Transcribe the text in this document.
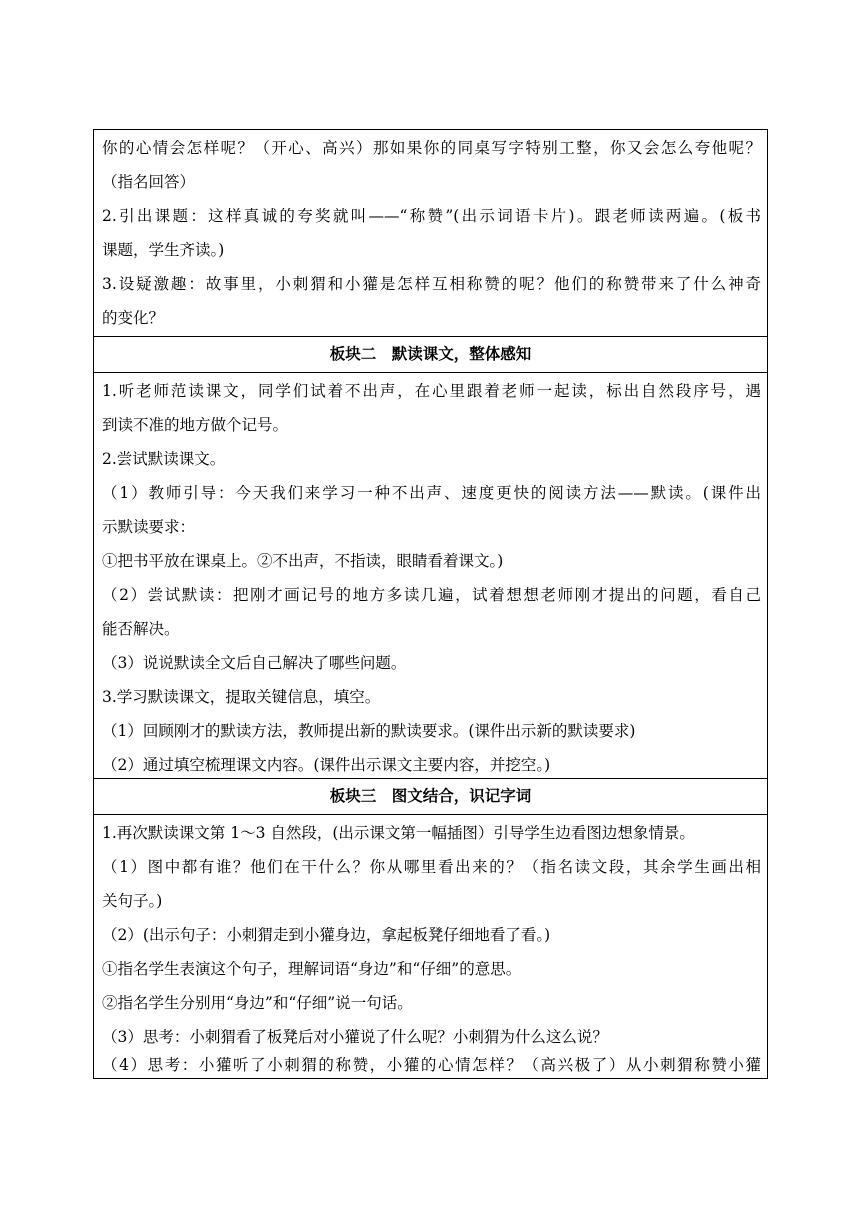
你的心情会怎样呢？（开心、高兴）那如果你的同桌写字特别工整，你又会怎么夸他呢？
（指名回答）
2.引出课题：这样真诚的夸奖就叫——“称赞”(出示词语卡片)。跟老师读两遍。(板书
课题，学生齐读。)
3.设疑激趣：故事里，小刺猬和小獾是怎样互相称赞的呢？他们的称赞带来了什么神奇
的变化？
板块二　默读课文，整体感知
1.听老师范读课文，同学们试着不出声，在心里跟着老师一起读，标出自然段序号，遇
到读不准的地方做个记号。
2.尝试默读课文。
（1）教师引导：今天我们来学习一种不出声、速度更快的阅读方法——默读。(课件出
示默读要求：
①把书平放在课桌上。②不出声，不指读，眼睛看着课文。)
（2）尝试默读：把刚才画记号的地方多读几遍，试着想想老师刚才提出的问题，看自己
能否解决。
（3）说说默读全文后自己解决了哪些问题。
3.学习默读课文，提取关键信息，填空。
（1）回顾刚才的默读方法，教师提出新的默读要求。(课件出示新的默读要求)
（2）通过填空梳理课文内容。(课件出示课文主要内容，并挖空。)
板块三　图文结合，识记字词
1.再次默读课文第 1～3 自然段，(出示课文第一幅插图）引导学生边看图边想象情景。
（1）图中都有谁？他们在干什么？你从哪里看出来的？（指名读文段，其余学生画出相
关句子。)
（2）(出示句子：小刺猬走到小獾身边，拿起板凳仔细地看了看。)
①指名学生表演这个句子，理解词语“身边”和“仔细”的意思。
②指名学生分别用“身边”和“仔细”说一句话。
（3）思考：小刺猬看了板凳后对小獾说了什么呢？小刺猬为什么这么说？
（4）思考：小獾听了小刺猬的称赞，小獾的心情怎样？（高兴极了）从小刺猬称赞小獾
